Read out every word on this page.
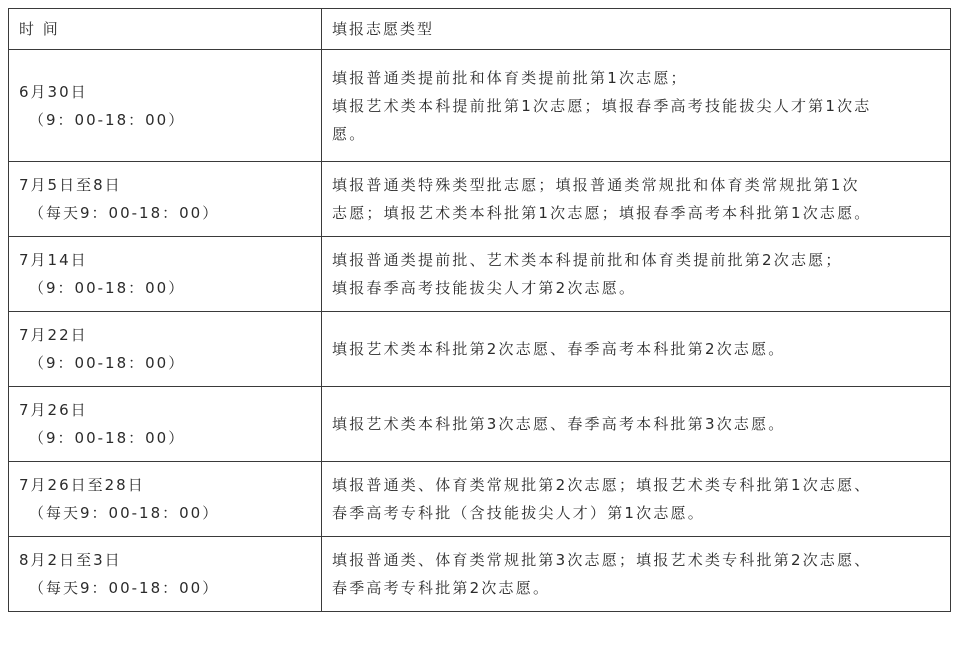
时 间	填报志愿类型

6月30日
（9：00-18：00）	填报普通类提前批和体育类提前批第1次志愿；
填报艺术类本科提前批第1次志愿；填报春季高考技能拔尖人才第1次志
愿。

7月5日至8日
（每天9：00-18：00）	填报普通类特殊类型批志愿；填报普通类常规批和体育类常规批第1次
志愿；填报艺术类本科批第1次志愿；填报春季高考本科批第1次志愿。

7月14日
（9：00-18：00）	填报普通类提前批、艺术类本科提前批和体育类提前批第2次志愿；
填报春季高考技能拔尖人才第2次志愿。

7月22日
（9：00-18：00）	填报艺术类本科批第2次志愿、春季高考本科批第2次志愿。

7月26日
（9：00-18：00）	填报艺术类本科批第3次志愿、春季高考本科批第3次志愿。

7月26日至28日
（每天9：00-18：00）	填报普通类、体育类常规批第2次志愿；填报艺术类专科批第1次志愿、
春季高考专科批（含技能拔尖人才）第1次志愿。

8月2日至3日
（每天9：00-18：00）	填报普通类、体育类常规批第3次志愿；填报艺术类专科批第2次志愿、
春季高考专科批第2次志愿。
